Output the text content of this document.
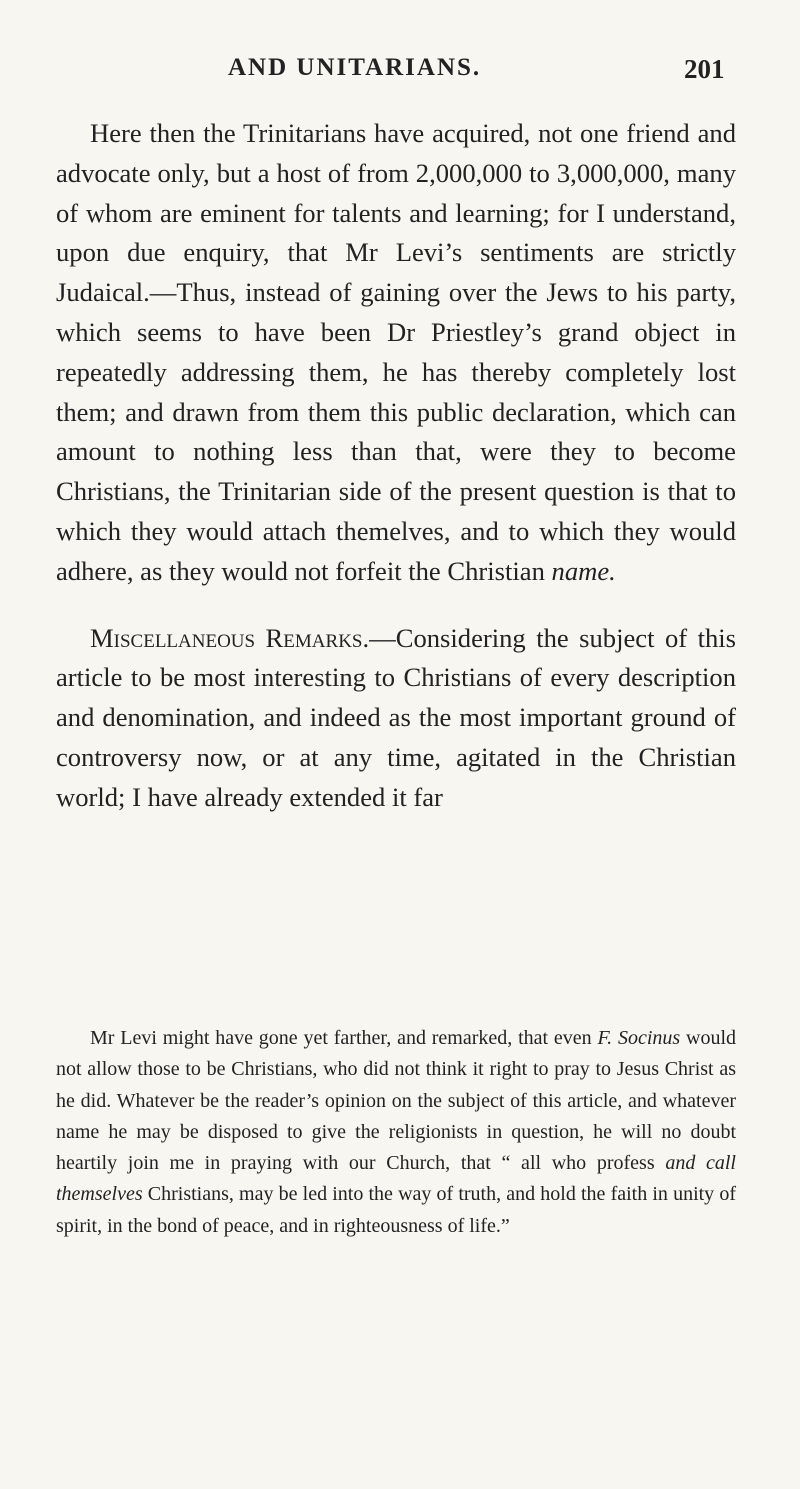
AND UNITARIANS.	201

Here then the Trinitarians have acquired, not one friend and advocate only, but a host of from 2,000,000 to 3,000,000, many of whom are eminent for talents and learning; for I understand, upon due enquiry, that Mr Levi’s sentiments are strictly Judaical.—Thus, instead of gaining over the Jews to his party, which seems to have been Dr Priestley’s grand object in repeatedly addressing them, he has thereby completely lost them; and drawn from them this public declaration, which can amount to nothing less than that, were they to become Christians, the Trinitarian side of the present question is that to which they would attach themelves, and to which they would adhere, as they would not forfeit the Christian name.

Miscellaneous Remarks.—Considering the subject of this article to be most interesting to Christians of every description and denomination, and indeed as the most important ground of controversy now, or at any time, agitated in the Christian world; I have already extended it far

Mr Levi might have gone yet farther, and remarked, that even F. Socinus would not allow those to be Christians, who did not think it right to pray to Jesus Christ as he did. Whatever be the reader’s opinion on the subject of this article, and whatever name he may be disposed to give the religionists in question, he will no doubt heartily join me in praying with our Church, that “ all who profess and call themselves Christians, may be led into the way of truth, and hold the faith in unity of spirit, in the bond of peace, and in righteousness of life.”
